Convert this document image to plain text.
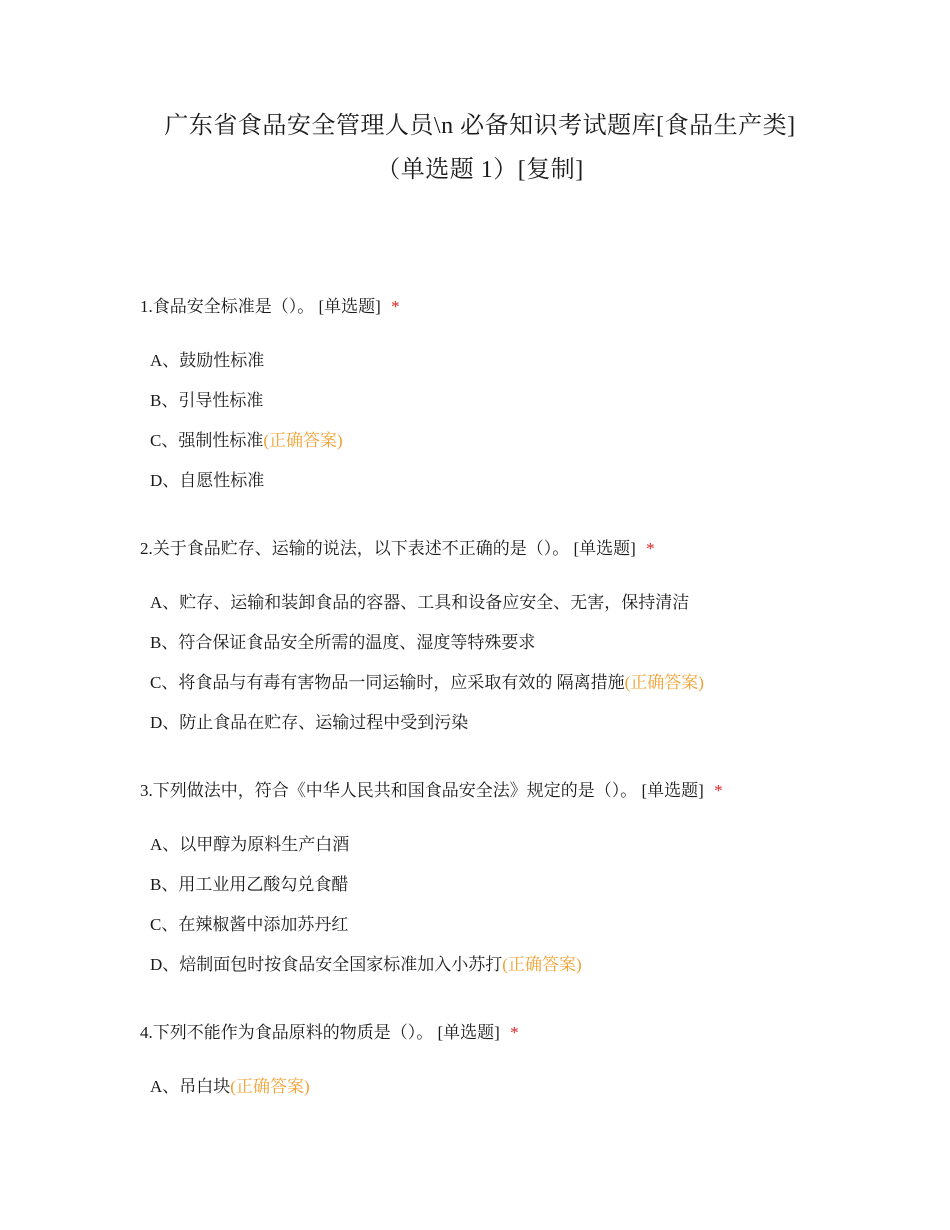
广东省食品安全管理人员\n 必备知识考试题库[食品生产类]
（单选题 1）[复制]
1.食品安全标准是（）。 [单选题] *
A、鼓励性标准
B、引导性标准
C、强制性标准(正确答案)
D、自愿性标准
2.关于食品贮存、运输的说法，以下表述不正确的是（）。 [单选题] *
A、贮存、运输和装卸食品的容器、工具和设备应安全、无害，保持清洁
B、符合保证食品安全所需的温度、湿度等特殊要求
C、将食品与有毒有害物品一同运输时，应采取有效的 隔离措施(正确答案)
D、防止食品在贮存、运输过程中受到污染
3.下列做法中，符合《中华人民共和国食品安全法》规定的是（）。 [单选题] *
A、以甲醇为原料生产白酒
B、用工业用乙酸勾兑食醋
C、在辣椒酱中添加苏丹红
D、焙制面包时按食品安全国家标准加入小苏打(正确答案)
4.下列不能作为食品原料的物质是（）。 [单选题] *
A、吊白块(正确答案)
